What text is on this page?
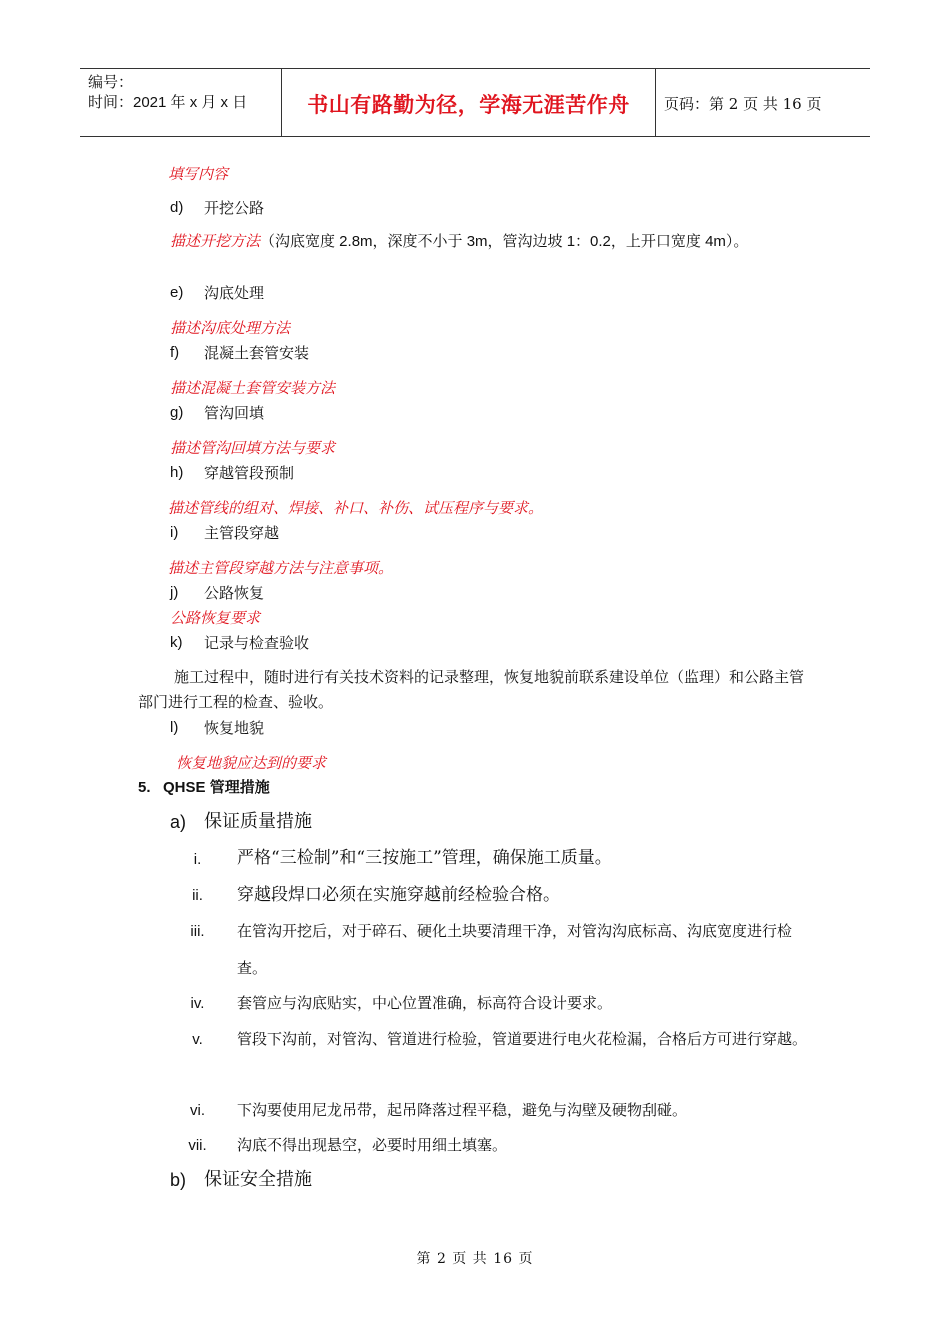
编号：
时间：2021 年 x 月 x 日	书山有路勤为径，学海无涯苦作舟	页码：第 2 页 共 16 页
填写内容
d) 开挖公路
描述开挖方法（沟底宽度 2.8m，深度不小于 3m，管沟边坡 1：0.2，上开口宽度 4m）。
e) 沟底处理
描述沟底处理方法
f) 混凝土套管安装
描述混凝土套管安装方法
g) 管沟回填
描述管沟回填方法与要求
h) 穿越管段预制
描述管线的组对、焊接、补口、补伤、试压程序与要求。
i) 主管段穿越
描述主管段穿越方法与注意事项。
j) 公路恢复
公路恢复要求
k) 记录与检查验收
施工过程中，随时进行有关技术资料的记录整理，恢复地貌前联系建设单位（监理）和公路主管部门进行工程的检查、验收。
l) 恢复地貌
恢复地貌应达到的要求
5.   QHSE 管理措施
a) 保证质量措施
i.	严格“三检制”和“三按施工”管理，确保施工质量。
ii.	穿越段焊口必须在实施穿越前经检验合格。
iii.	在管沟开挖后，对于碎石、硬化土块要清理干净，对管沟沟底标高、沟底宽度进行检查。
iv.	套管应与沟底贴实，中心位置准确，标高符合设计要求。
v.	管段下沟前，对管沟、管道进行检验，管道要进行电火花检漏，合格后方可进行穿越。
vi.	下沟要使用尼龙吊带，起吊降落过程平稳，避免与沟壁及硬物刮碰。
vii.	沟底不得出现悬空，必要时用细土填塞。
b) 保证安全措施
第 2 页 共 16 页
